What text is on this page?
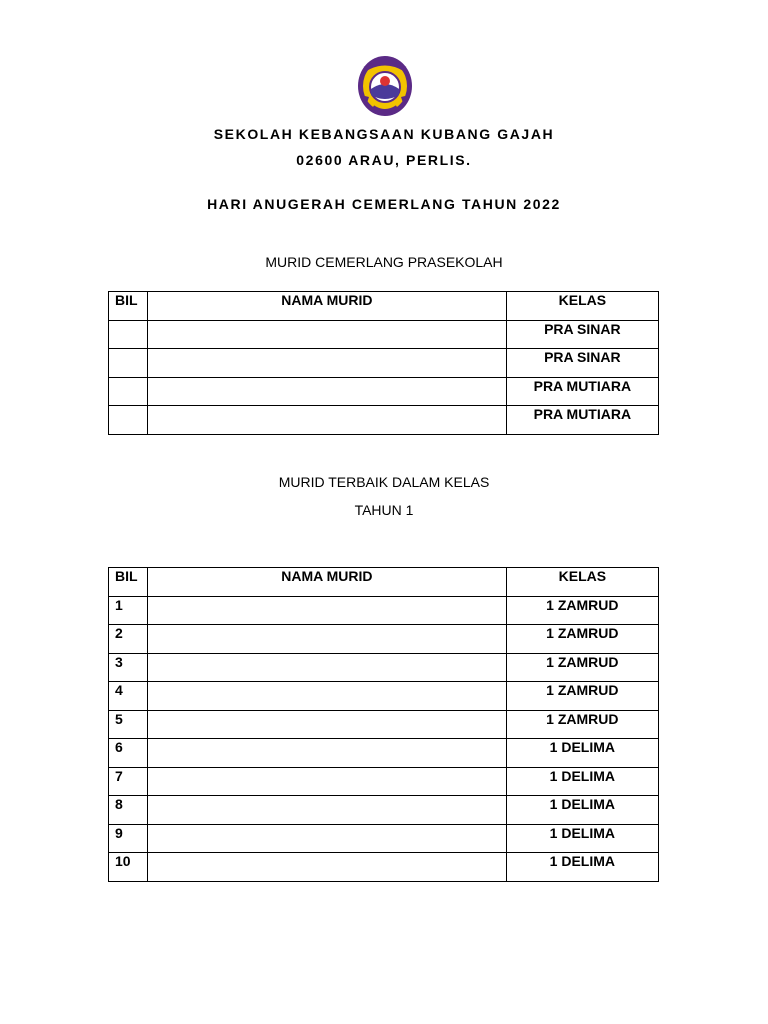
SEKOLAH KEBANGSAAN KUBANG GAJAH
02600 ARAU, PERLIS.
HARI ANUGERAH CEMERLANG TAHUN 2022
MURID CEMERLANG PRASEKOLAH
BIL	NAMA MURID	KELAS
		PRA SINAR
		PRA SINAR
		PRA MUTIARA
		PRA MUTIARA
MURID TERBAIK DALAM KELAS
TAHUN 1
BIL	NAMA MURID	KELAS
1		1 ZAMRUD
2		1 ZAMRUD
3		1 ZAMRUD
4		1 ZAMRUD
5		1 ZAMRUD
6		1 DELIMA
7		1 DELIMA
8		1 DELIMA
9		1 DELIMA
10		1 DELIMA
